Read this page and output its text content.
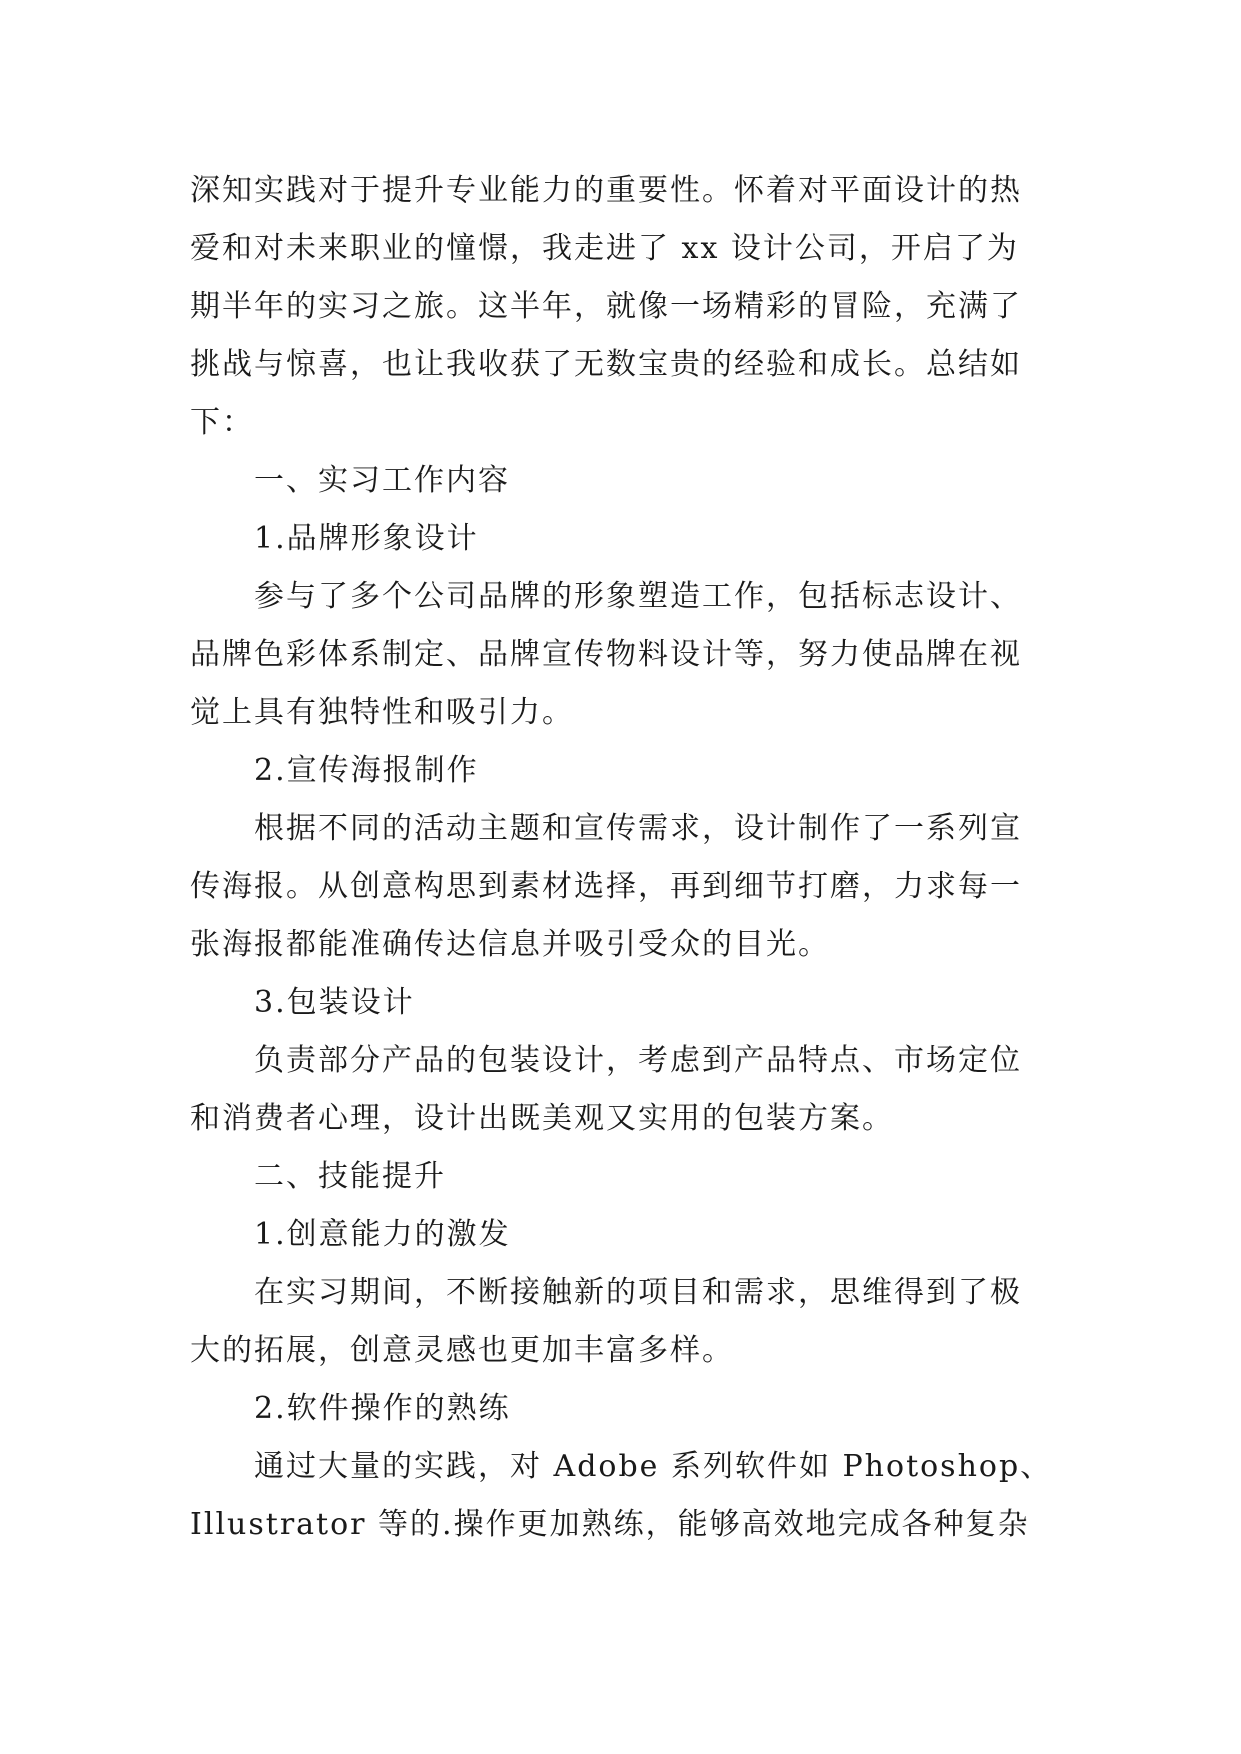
深知实践对于提升专业能力的重要性。怀着对平面设计的热
爱和对未来职业的憧憬，我走进了 xx 设计公司，开启了为
期半年的实习之旅。这半年，就像一场精彩的冒险，充满了
挑战与惊喜，也让我收获了无数宝贵的经验和成长。总结如
下：
一、实习工作内容
1.品牌形象设计
参与了多个公司品牌的形象塑造工作，包括标志设计、
品牌色彩体系制定、品牌宣传物料设计等，努力使品牌在视
觉上具有独特性和吸引力。
2.宣传海报制作
根据不同的活动主题和宣传需求，设计制作了一系列宣
传海报。从创意构思到素材选择，再到细节打磨，力求每一
张海报都能准确传达信息并吸引受众的目光。
3.包装设计
负责部分产品的包装设计，考虑到产品特点、市场定位
和消费者心理，设计出既美观又实用的包装方案。
二、技能提升
1.创意能力的激发
在实习期间，不断接触新的项目和需求，思维得到了极
大的拓展，创意灵感也更加丰富多样。
2.软件操作的熟练
通过大量的实践，对 Adobe 系列软件如 Photoshop、
Illustrator 等的.操作更加熟练，能够高效地完成各种复杂
